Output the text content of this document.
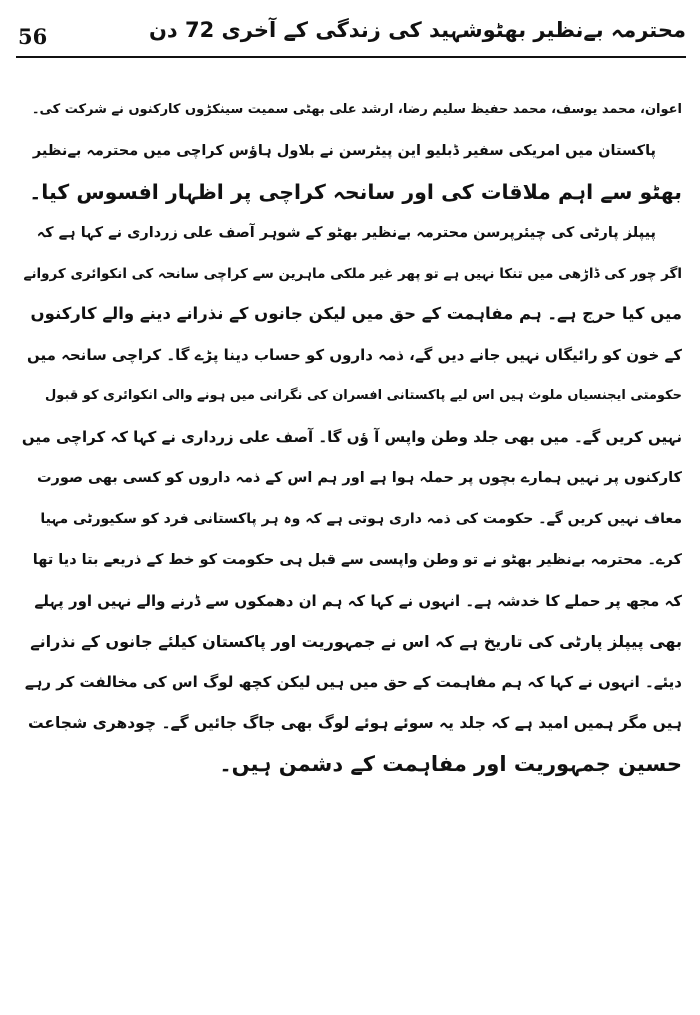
56	محترمہ بےنظیر بھٹوشہید کی زندگی کے آخری 72 دن
اعوان، محمد یوسف، محمد حفیظ سلیم رضا، ارشد علی بھٹی سمیت سینکڑوں کارکنوں نے شرکت کی۔
پاکستان میں امریکی سفیر ڈبلیو این پیٹرسن نے بلاول ہاؤس کراچی میں محترمہ بےنظیر
بھٹو سے اہم ملاقات کی اور سانحہ کراچی پر اظہار افسوس کیا۔
پیپلز پارٹی کی چیئرپرسن محترمہ بےنظیر بھٹو کے شوہر آصف علی زرداری نے کہا ہے کہ
اگر چور کی ڈاڑھی میں تنکا نہیں ہے تو پھر غیر ملکی ماہرین سے کراچی سانحہ کی انکوائری کروانے
میں کیا حرج ہے۔ ہم مفاہمت کے حق میں لیکن جانوں کے نذرانے دینے والے کارکنوں
کے خون کو رائیگاں نہیں جانے دیں گے، ذمہ داروں کو حساب دینا پڑے گا۔ کراچی سانحہ میں
حکومتی ایجنسیاں ملوث ہیں اس لیے پاکستانی افسران کی نگرانی میں ہونے والی انکوائری کو قبول
نہیں کریں گے۔ میں بھی جلد وطن واپس آ ؤں گا۔ آصف علی زرداری نے کہا کہ کراچی میں
کارکنوں پر نہیں ہمارے بچوں پر حملہ ہوا ہے اور ہم اس کے ذمہ داروں کو کسی بھی صورت
معاف نہیں کریں گے۔ حکومت کی ذمہ داری ہوتی ہے کہ وہ ہر پاکستانی فرد کو سکیورٹی مہیا
کرے۔ محترمہ بےنظیر بھٹو نے تو وطن واپسی سے قبل ہی حکومت کو خط کے ذریعے بتا دیا تھا
کہ مجھ پر حملے کا خدشہ ہے۔ انہوں نے کہا کہ ہم ان دھمکوں سے ڈرنے والے نہیں اور پہلے
بھی پیپلز پارٹی کی تاریخ ہے کہ اس نے جمہوریت اور پاکستان کیلئے جانوں کے نذرانے
دیئے۔ انہوں نے کہا کہ ہم مفاہمت کے حق میں ہیں لیکن کچھ لوگ اس کی مخالفت کر رہے
ہیں مگر ہمیں امید ہے کہ جلد یہ سوئے ہوئے لوگ بھی جاگ جائیں گے۔ چودھری شجاعت
حسین جمہوریت اور مفاہمت کے دشمن ہیں۔
